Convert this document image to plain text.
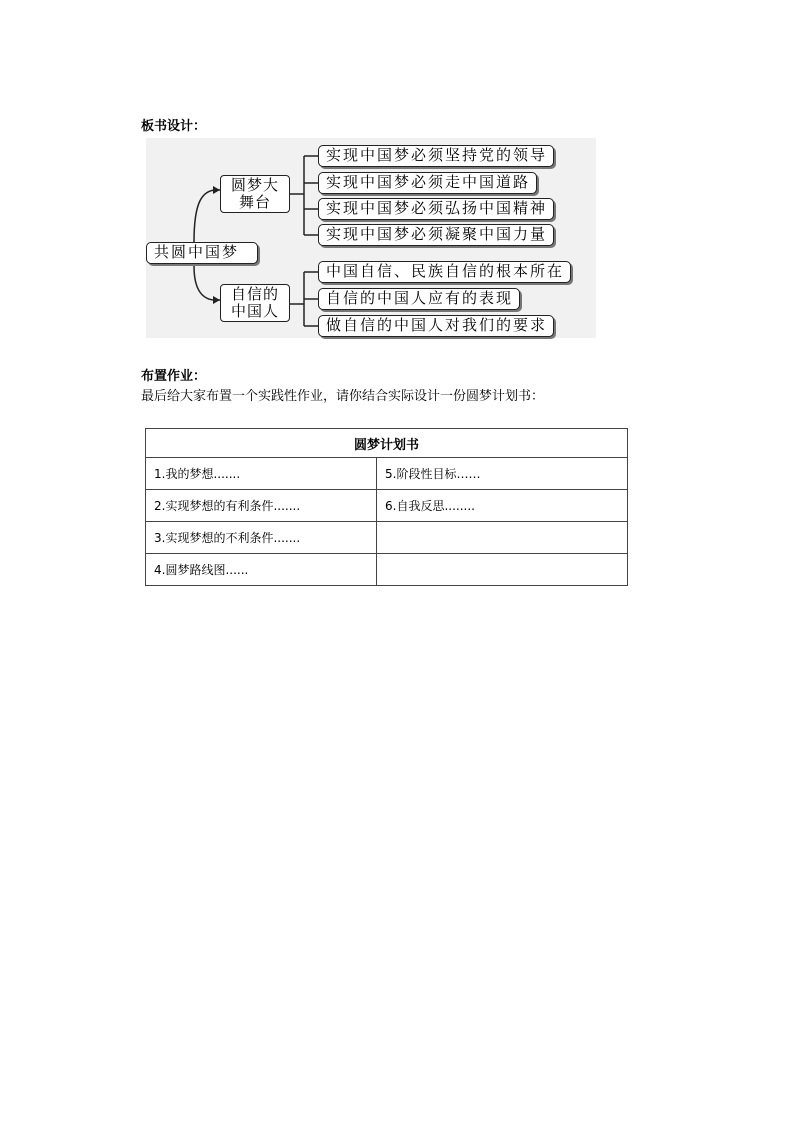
板书设计：
共圆中国梦
圆梦大
舞台
自信的
中国人
实现中国梦必须坚持党的领导
实现中国梦必须走中国道路
实现中国梦必须弘扬中国精神
实现中国梦必须凝聚中国力量
中国自信、民族自信的根本所在
自信的中国人应有的表现
做自信的中国人对我们的要求
布置作业：
最后给大家布置一个实践性作业，请你结合实际设计一份圆梦计划书：
圆梦计划书	
1.我的梦想.......	5.阶段性目标……
2.实现梦想的有利条件.......	6.自我反思........
3.实现梦想的不利条件.......	
4.圆梦路线图......	
